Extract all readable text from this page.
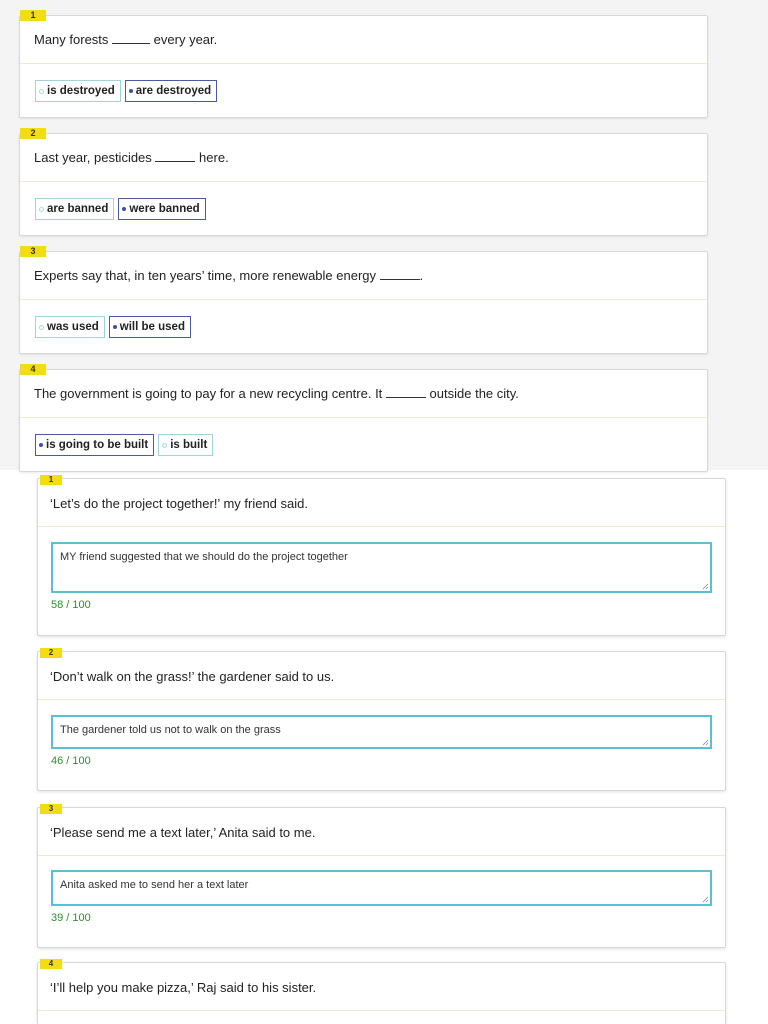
1
Many forests	every year.
is destroyed are destroyed
2
Last year, pesticides	here.
are banned were banned
3
Experts say that, in ten years’ time, more renewable energy	.
was used will be used
4
The government is going to pay for a new recycling centre. It	outside the city.
is going to be built is built
1
‘Let’s do the project together!’ my friend said.
MY friend suggested that we should do the project together
58 / 100
2
‘Don’t walk on the grass!’ the gardener said to us.
The gardener told us not to walk on the grass
46 / 100
3
‘Please send me a text later,’ Anita said to me.
Anita asked me to send her a text later
39 / 100
4
‘I’ll help you make pizza,’ Raj said to his sister.
